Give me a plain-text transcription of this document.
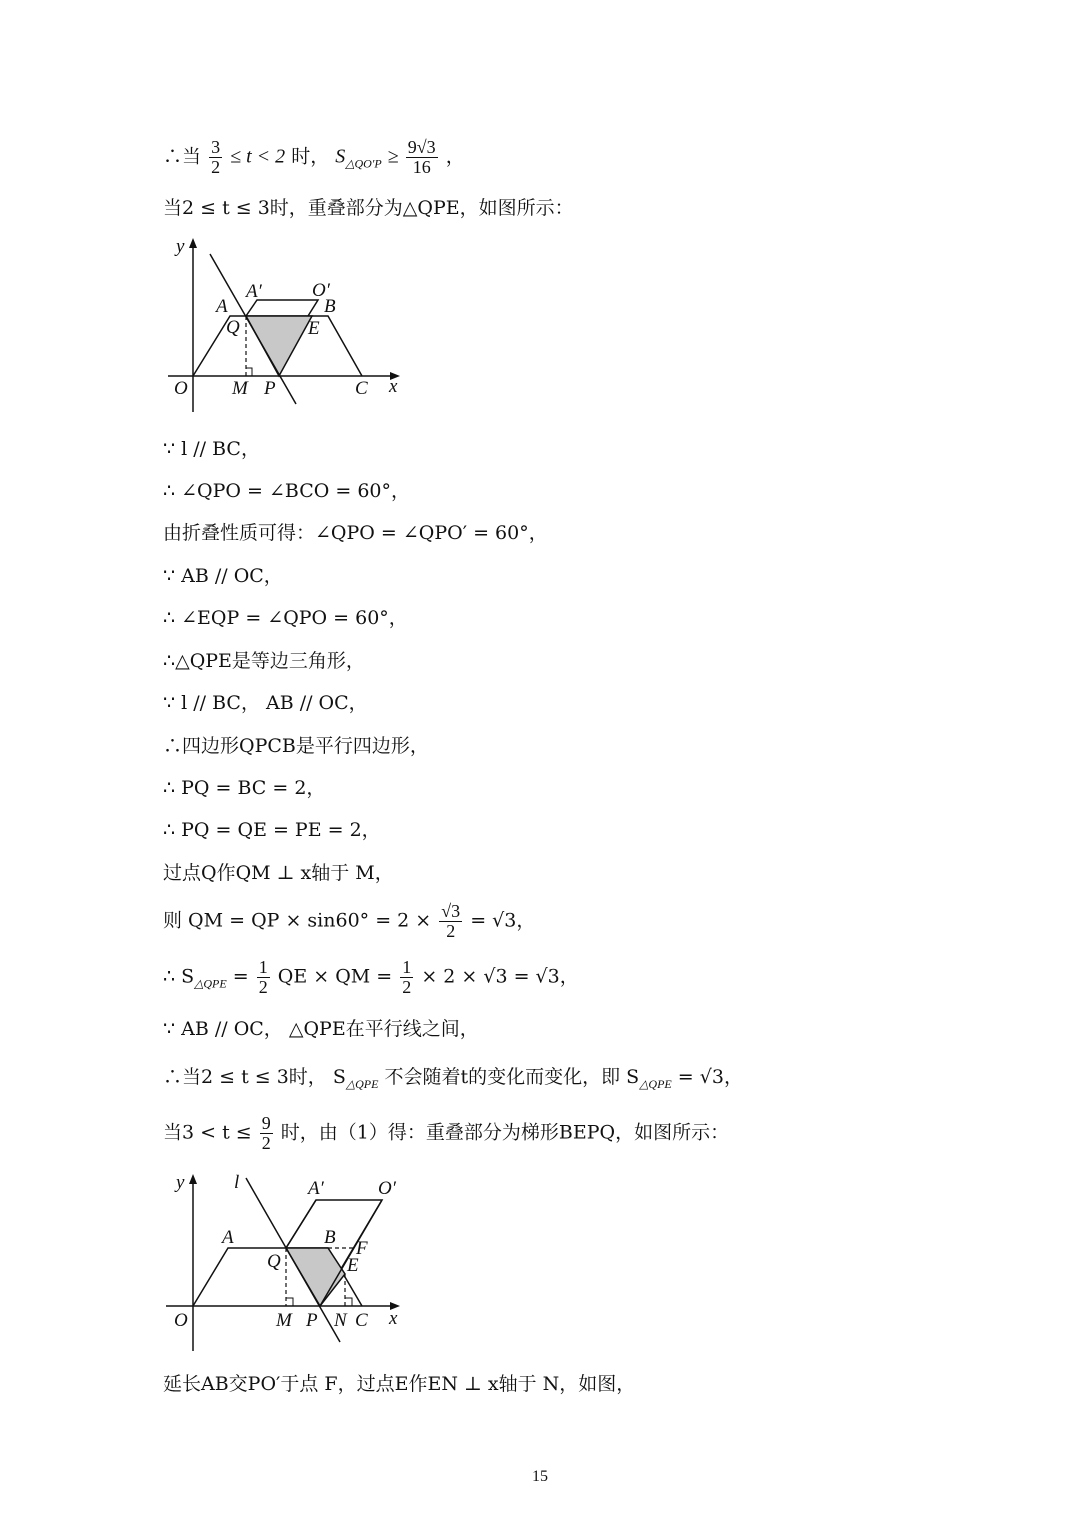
∴当 $\frac{3}{2} \le t < 2$ 时， $S_{\triangle QO'P} \ge \frac{9√3}{16}$ ，
当2 ≤ t ≤ 3时，重叠部分为△QPE，如图所示：
y
x
O M P	C
A
Q
A′	O′
B
E
∵ l // BC，
∴ ∠QPO = ∠BCO = 60°，
由折叠性质可得：∠QPO = ∠QPO′ = 60°，
∵ AB // OC，
∴ ∠EQP = ∠QPO = 60°，
∴△QPE是等边三角形，
∵ l // BC， AB // OC，
∴四边形QPCB是平行四边形，
∴ PQ = BC = 2，
∴ PQ = QE = PE = 2，
过点Q作QM ⊥ x轴于 M，
则 QM = QP × $\sin 60^\circ = 2 \times \frac{√3}{2} = √3$，
∴ $S_{\triangle QPE} = \frac{1}{2}$ QE × QM = $\frac{1}{2} \times 2 \times √3 = √3$，
∵ AB // OC， △QPE在平行线之间，
∴当2 ≤ t ≤ 3时， $S_{\triangle QPE}$ 不会随着t的变化而变化，即 $S_{\triangle QPE} = √3$，
当$3 < t \le \frac{9}{2}$ 时，由（1）得：重叠部分为梯形BEPQ，如图所示：
y
x
O	M P N C
A
Q
A′	O′
B
E
F
l
延长AB交PO′于点 F，过点E作EN ⊥ x轴于 N，如图，
15
